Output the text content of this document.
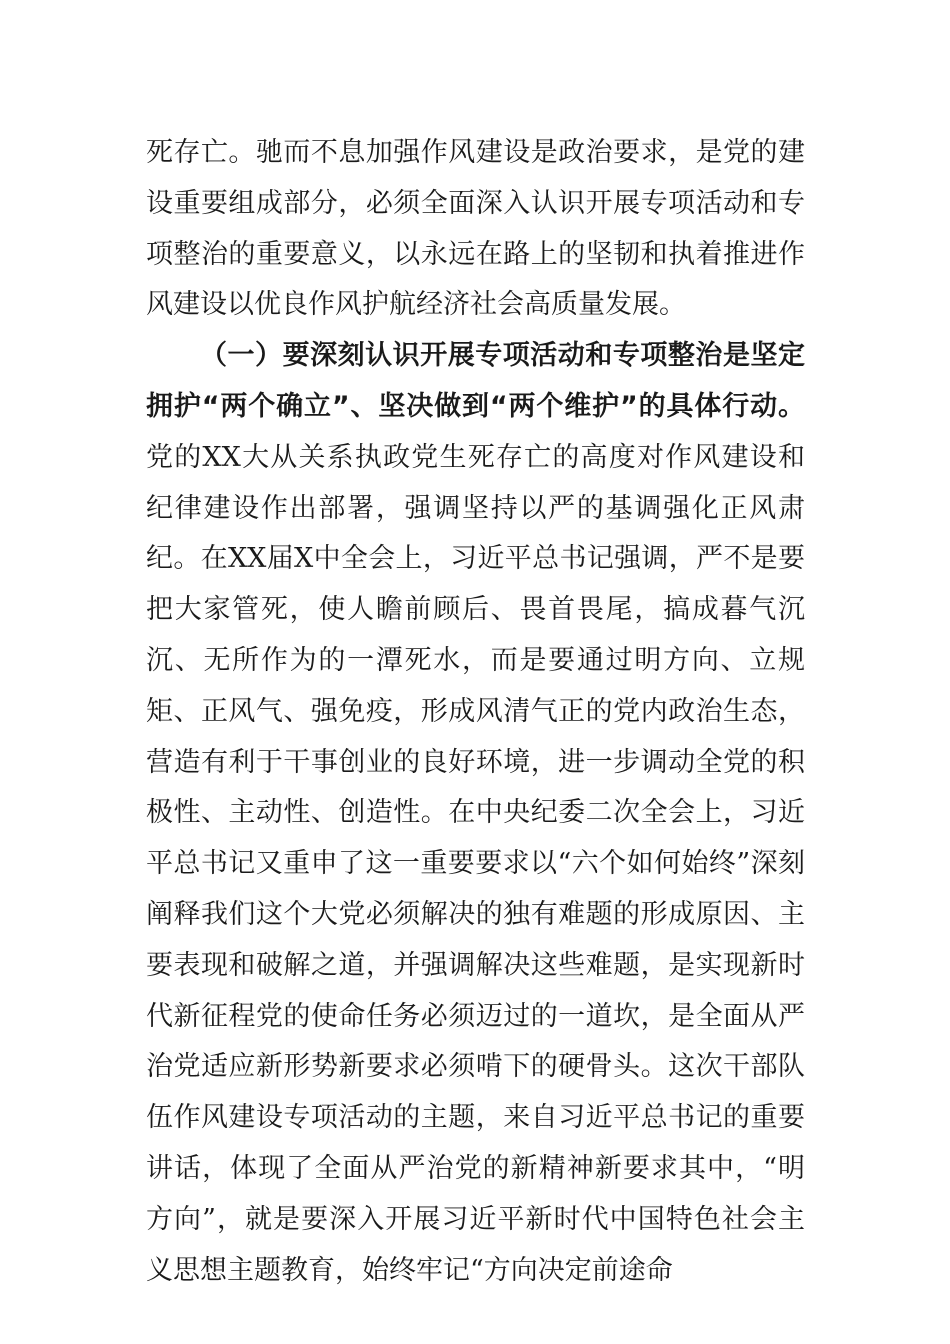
死存亡。驰而不息加强作风建设是政治要求，是党的建设重要组成部分，必须全面深入认识开展专项活动和专项整治的重要意义，以永远在路上的坚韧和执着推进作风建设以优良作风护航经济社会高质量发展。

（一）要深刻认识开展专项活动和专项整治是坚定拥护“两个确立”、坚决做到“两个维护”的具体行动。党的XX大从关系执政党生死存亡的高度对作风建设和纪律建设作出部署，强调坚持以严的基调强化正风肃纪。在XX届X中全会上，习近平总书记强调，严不是要把大家管死，使人瞻前顾后、畏首畏尾，搞成暮气沉沉、无所作为的一潭死水，而是要通过明方向、立规矩、正风气、强免疫，形成风清气正的党内政治生态，营造有利于干事创业的良好环境，进一步调动全党的积极性、主动性、创造性。在中央纪委二次全会上，习近平总书记又重申了这一重要要求以“六个如何始终”深刻阐释我们这个大党必须解决的独有难题的形成原因、主要表现和破解之道，并强调解决这些难题，是实现新时代新征程党的使命任务必须迈过的一道坎，是全面从严治党适应新形势新要求必须啃下的硬骨头。这次干部队伍作风建设专项活动的主题，来自习近平总书记的重要讲话，体现了全面从严治党的新精神新要求其中，“明方向”，就是要深入开展习近平新时代中国特色社会主义思想主题教育，始终牢记“方向决定前途命
